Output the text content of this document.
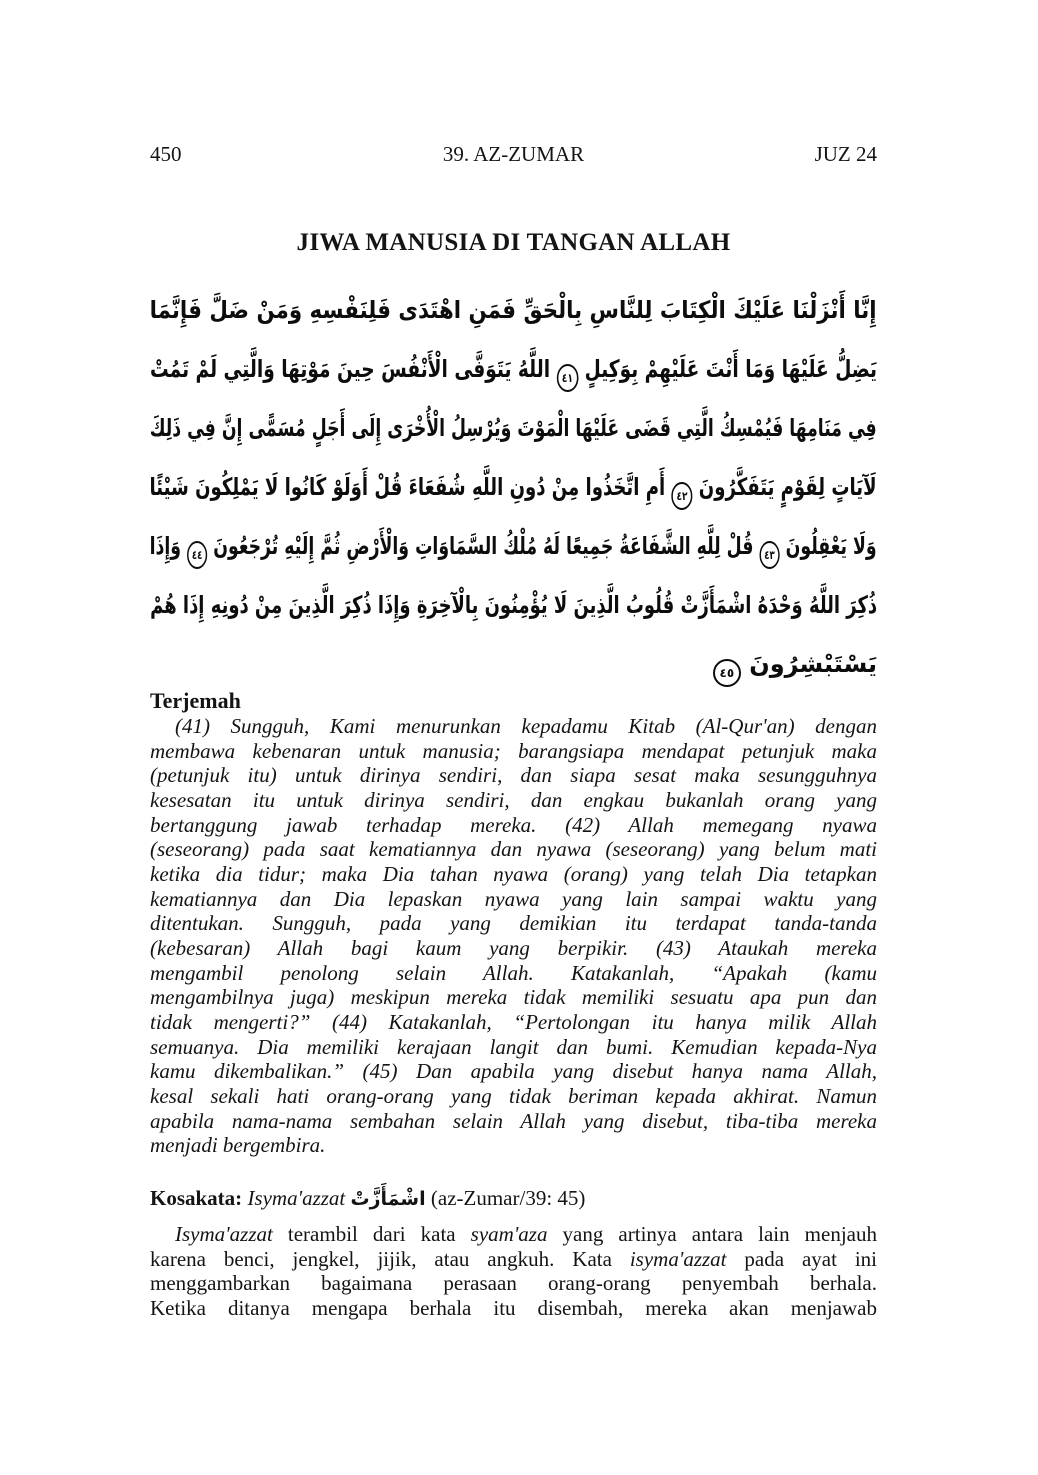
450	39. AZ-ZUMAR	JUZ 24
JIWA MANUSIA DI TANGAN ALLAH
إِنَّا أَنْزَلْنَا عَلَيْكَ الْكِتَابَ لِلنَّاسِ بِالْحَقِّ فَمَنِ اهْتَدَى فَلِنَفْسِهِ وَمَنْ ضَلَّ فَإِنَّمَا
يَضِلُّ عَلَيْهَا وَمَا أَنْتَ عَلَيْهِمْ بِوَكِيلٍ ٤١ اللَّهُ يَتَوَفَّى الْأَنْفُسَ حِينَ مَوْتِهَا وَالَّتِي لَمْ تَمُتْ
فِي مَنَامِهَا فَيُمْسِكُ الَّتِي قَضَى عَلَيْهَا الْمَوْتَ وَيُرْسِلُ الْأُخْرَى إِلَى أَجَلٍ مُسَمًّى إِنَّ فِي ذَلِكَ
لَآيَاتٍ لِقَوْمٍ يَتَفَكَّرُونَ ٤٢ أَمِ اتَّخَذُوا مِنْ دُونِ اللَّهِ شُفَعَاءَ قُلْ أَوَلَوْ كَانُوا لَا يَمْلِكُونَ شَيْئًا
وَلَا يَعْقِلُونَ ٤٣ قُلْ لِلَّهِ الشَّفَاعَةُ جَمِيعًا لَهُ مُلْكُ السَّمَاوَاتِ وَالْأَرْضِ ثُمَّ إِلَيْهِ تُرْجَعُونَ ٤٤ وَإِذَا
ذُكِرَ اللَّهُ وَحْدَهُ اشْمَأَزَّتْ قُلُوبُ الَّذِينَ لَا يُؤْمِنُونَ بِالْآخِرَةِ وَإِذَا ذُكِرَ الَّذِينَ مِنْ دُونِهِ إِذَا هُمْ
يَسْتَبْشِرُونَ ٤٥
Terjemah
(41) Sungguh, Kami menurunkan kepadamu Kitab (Al-Qur'an) dengan
membawa kebenaran untuk manusia; barangsiapa mendapat petunjuk maka
(petunjuk itu) untuk dirinya sendiri, dan siapa sesat maka sesungguhnya
kesesatan itu untuk dirinya sendiri, dan engkau bukanlah orang yang
bertanggung jawab terhadap mereka. (42) Allah memegang nyawa
(seseorang) pada saat kematiannya dan nyawa (seseorang) yang belum mati
ketika dia tidur; maka Dia tahan nyawa (orang) yang telah Dia tetapkan
kematiannya dan Dia lepaskan nyawa yang lain sampai waktu yang
ditentukan. Sungguh, pada yang demikian itu terdapat tanda-tanda
(kebesaran) Allah bagi kaum yang berpikir. (43) Ataukah mereka
mengambil penolong selain Allah. Katakanlah, “Apakah (kamu
mengambilnya juga) meskipun mereka tidak memiliki sesuatu apa pun dan
tidak mengerti?” (44) Katakanlah, “Pertolongan itu hanya milik Allah
semuanya. Dia memiliki kerajaan langit dan bumi. Kemudian kepada-Nya
kamu dikembalikan.” (45) Dan apabila yang disebut hanya nama Allah,
kesal sekali hati orang-orang yang tidak beriman kepada akhirat. Namun
apabila nama-nama sembahan selain Allah yang disebut, tiba-tiba mereka
menjadi bergembira.
Kosakata: Isyma'azzat اشْمَأَزَّتْ (az-Zumar/39: 45)
Isyma'azzat terambil dari kata syam'aza yang artinya antara lain menjauh
karena benci, jengkel, jijik, atau angkuh. Kata isyma'azzat pada ayat ini
menggambarkan bagaimana perasaan orang-orang penyembah berhala.
Ketika ditanya mengapa berhala itu disembah, mereka akan menjawab
